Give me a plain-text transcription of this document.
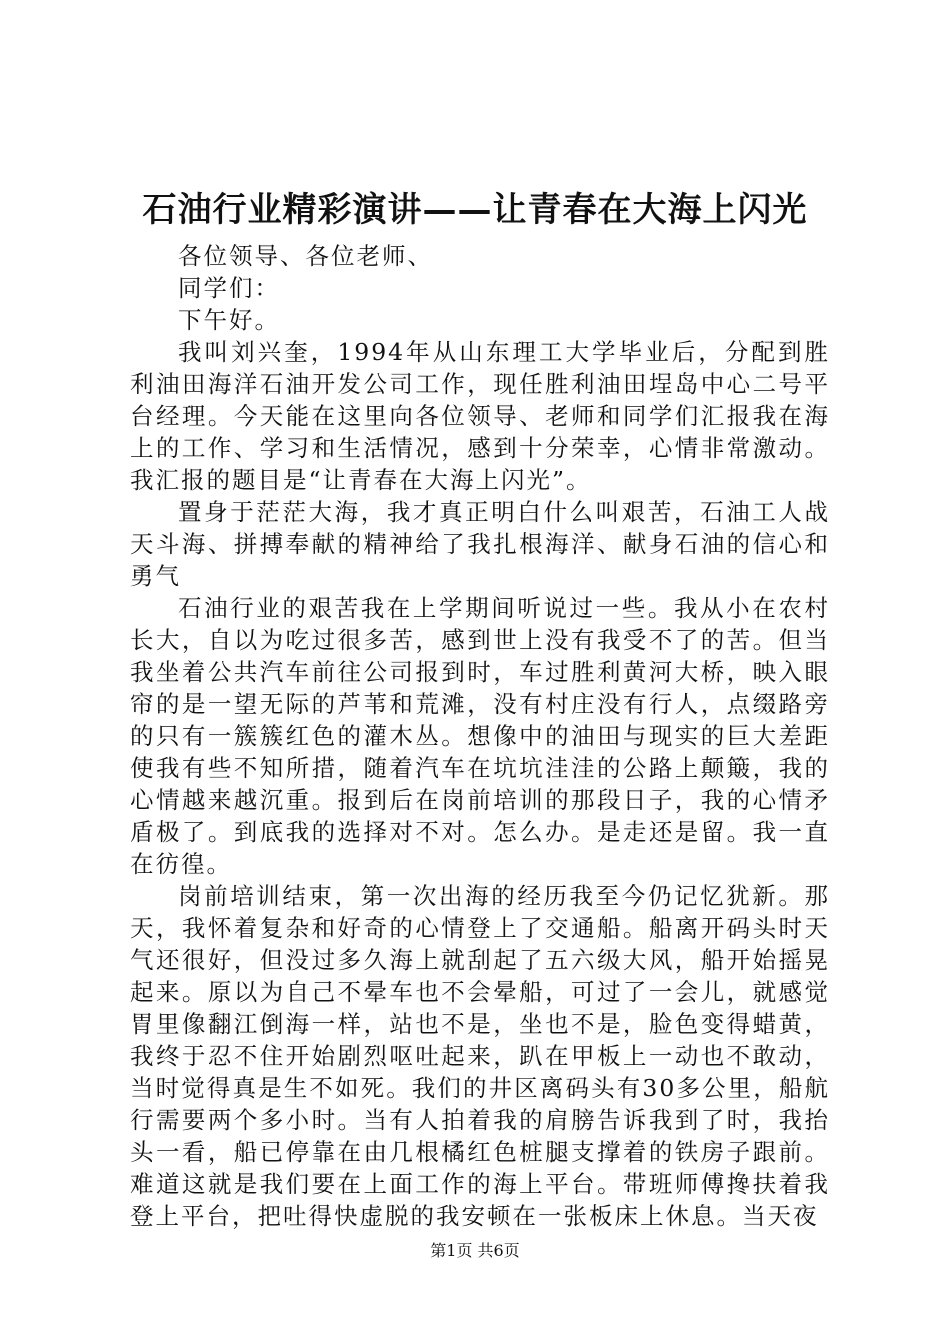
石油行业精彩演讲——让青春在大海上闪光

各位领导、各位老师、

同学们：

下午好。

我叫刘兴奎，1994年从山东理工大学毕业后，分配到胜利油田海洋石油开发公司工作，现任胜利油田埕岛中心二号平台经理。今天能在这里向各位领导、老师和同学们汇报我在海上的工作、学习和生活情况，感到十分荣幸，心情非常激动。我汇报的题目是“让青春在大海上闪光”。

置身于茫茫大海，我才真正明白什么叫艰苦，石油工人战天斗海、拼搏奉献的精神给了我扎根海洋、献身石油的信心和勇气

石油行业的艰苦我在上学期间听说过一些。我从小在农村长大，自以为吃过很多苦，感到世上没有我受不了的苦。但当我坐着公共汽车前往公司报到时，车过胜利黄河大桥，映入眼帘的是一望无际的芦苇和荒滩，没有村庄没有行人，点缀路旁的只有一簇簇红色的灌木丛。想像中的油田与现实的巨大差距使我有些不知所措，随着汽车在坑坑洼洼的公路上颠簸，我的心情越来越沉重。报到后在岗前培训的那段日子，我的心情矛盾极了。到底我的选择对不对。怎么办。是走还是留。我一直在彷徨。

岗前培训结束，第一次出海的经历我至今仍记忆犹新。那天，我怀着复杂和好奇的心情登上了交通船。船离开码头时天气还很好，但没过多久海上就刮起了五六级大风，船开始摇晃起来。原以为自己不晕车也不会晕船，可过了一会儿，就感觉胃里像翻江倒海一样，站也不是，坐也不是，脸色变得蜡黄，我终于忍不住开始剧烈呕吐起来，趴在甲板上一动也不敢动，当时觉得真是生不如死。我们的井区离码头有30多公里，船航行需要两个多小时。当有人拍着我的肩膀告诉我到了时，我抬头一看，船已停靠在由几根橘红色桩腿支撑着的铁房子跟前。难道这就是我们要在上面工作的海上平台。带班师傅搀扶着我登上平台，把吐得快虚脱的我安顿在一张板床上休息。当天夜

第1页 共6页
